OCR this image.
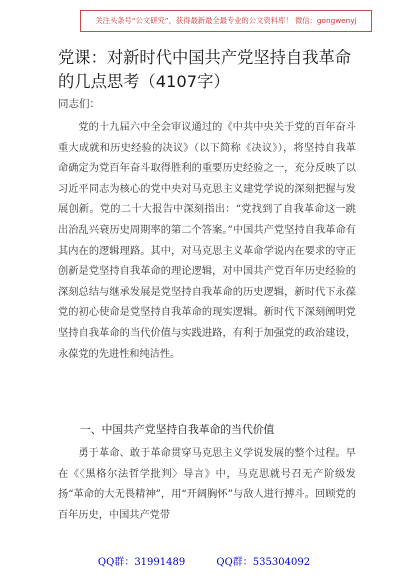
关注头条号“公文研究”，获得最新最全最专业的公文资料库！ 微信：gongwenyj
党课：对新时代中国共产党坚持自我革命的几点思考（4107字）
同志们：

党的十九届六中全会审议通过的《中共中央关于党的百年奋斗重大成就和历史经验的决议》（以下简称《决议》），将坚持自我革命确定为党百年奋斗取得胜利的重要历史经验之一，充分反映了以习近平同志为核心的党中央对马克思主义建党学说的深刻把握与发展创新。党的二十大报告中深刻指出：“党找到了自我革命这一跳出治乱兴衰历史周期率的第二个答案。”中国共产党坚持自我革命有其内在的逻辑理路。其中，对马克思主义革命学说内在要求的守正创新是党坚持自我革命的理论逻辑，对中国共产党百年历史经验的深刻总结与继承发展是党坚持自我革命的历史逻辑，新时代下永葆党的初心使命是党坚持自我革命的现实逻辑。新时代下深刻阐明党坚持自我革命的当代价值与实践进路，有利于加强党的政治建设，永葆党的先进性和纯洁性。

一、中国共产党坚持自我革命的当代价值

勇于革命、敢于革命贯穿马克思主义学说发展的整个过程。早在《〈黑格尔法哲学批判〉导言》中，马克思就号召无产阶级发扬“革命的大无畏精神”，用“开阔胸怀”与敌人进行搏斗。回顾党的百年历史，中国共产党带

QQ群：31991489	QQ群：535304092
